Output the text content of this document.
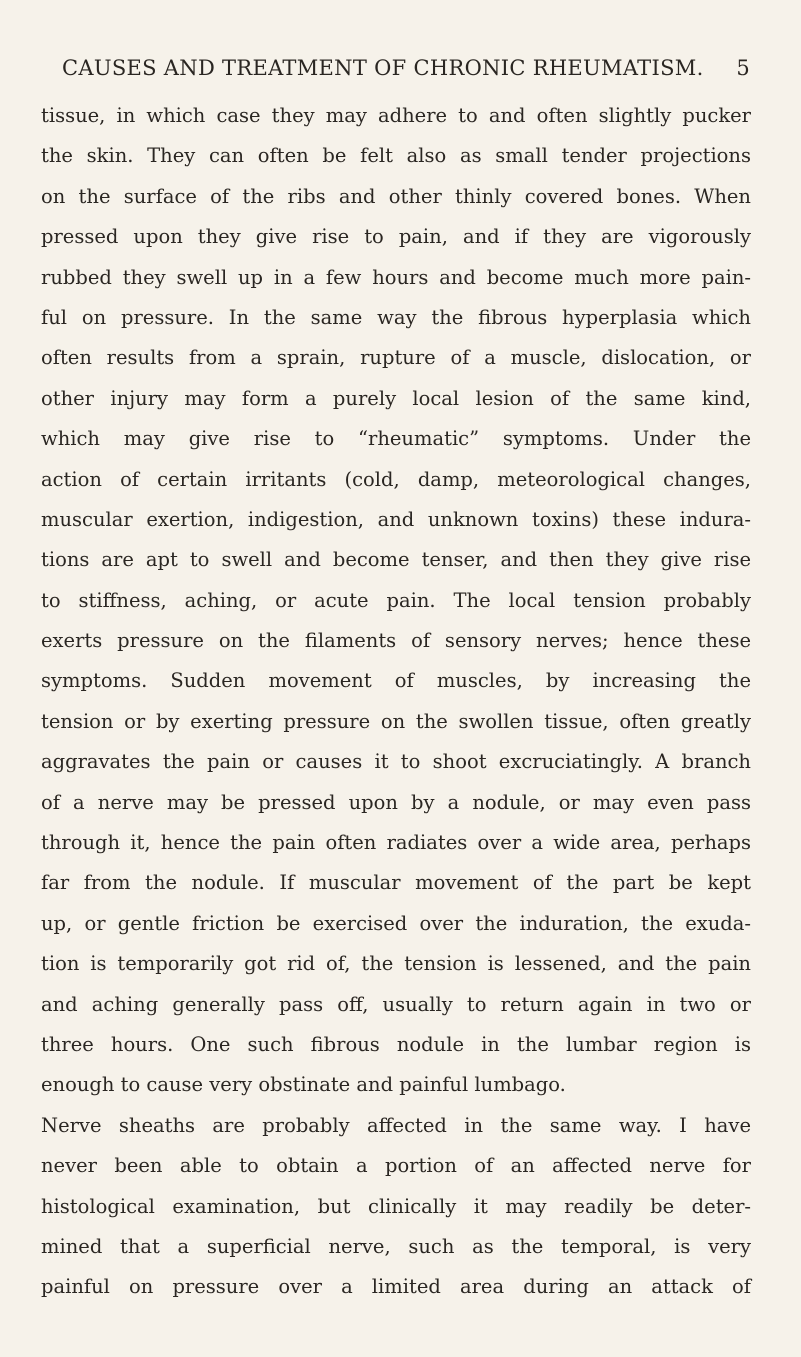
CAUSES AND TREATMENT OF CHRONIC RHEUMATISM. 5
tissue, in which case they may adhere to and often slightly pucker
the skin. They can often be felt also as small tender projections
on the surface of the ribs and other thinly covered bones. When
pressed upon they give rise to pain, and if they are vigorously
rubbed they swell up in a few hours and become much more pain-
ful on pressure. In the same way the fibrous hyperplasia which
often results from a sprain, rupture of a muscle, dislocation, or
other injury may form a purely local lesion of the same kind,
which may give rise to “rheumatic” symptoms. Under the
action of certain irritants (cold, damp, meteorological changes,
muscular exertion, indigestion, and unknown toxins) these indura-
tions are apt to swell and become tenser, and then they give rise
to stiffness, aching, or acute pain. The local tension probably
exerts pressure on the filaments of sensory nerves; hence these
symptoms. Sudden movement of muscles, by increasing the
tension or by exerting pressure on the swollen tissue, often greatly
aggravates the pain or causes it to shoot excruciatingly. A branch
of a nerve may be pressed upon by a nodule, or may even pass
through it, hence the pain often radiates over a wide area, perhaps
far from the nodule. If muscular movement of the part be kept
up, or gentle friction be exercised over the induration, the exuda-
tion is temporarily got rid of, the tension is lessened, and the pain
and aching generally pass off, usually to return again in two or
three hours. One such fibrous nodule in the lumbar region is
enough to cause very obstinate and painful lumbago.
Nerve sheaths are probably affected in the same way. I have
never been able to obtain a portion of an affected nerve for
histological examination, but clinically it may readily be deter-
mined that a superficial nerve, such as the temporal, is very
painful on pressure over a limited area during an attack of
